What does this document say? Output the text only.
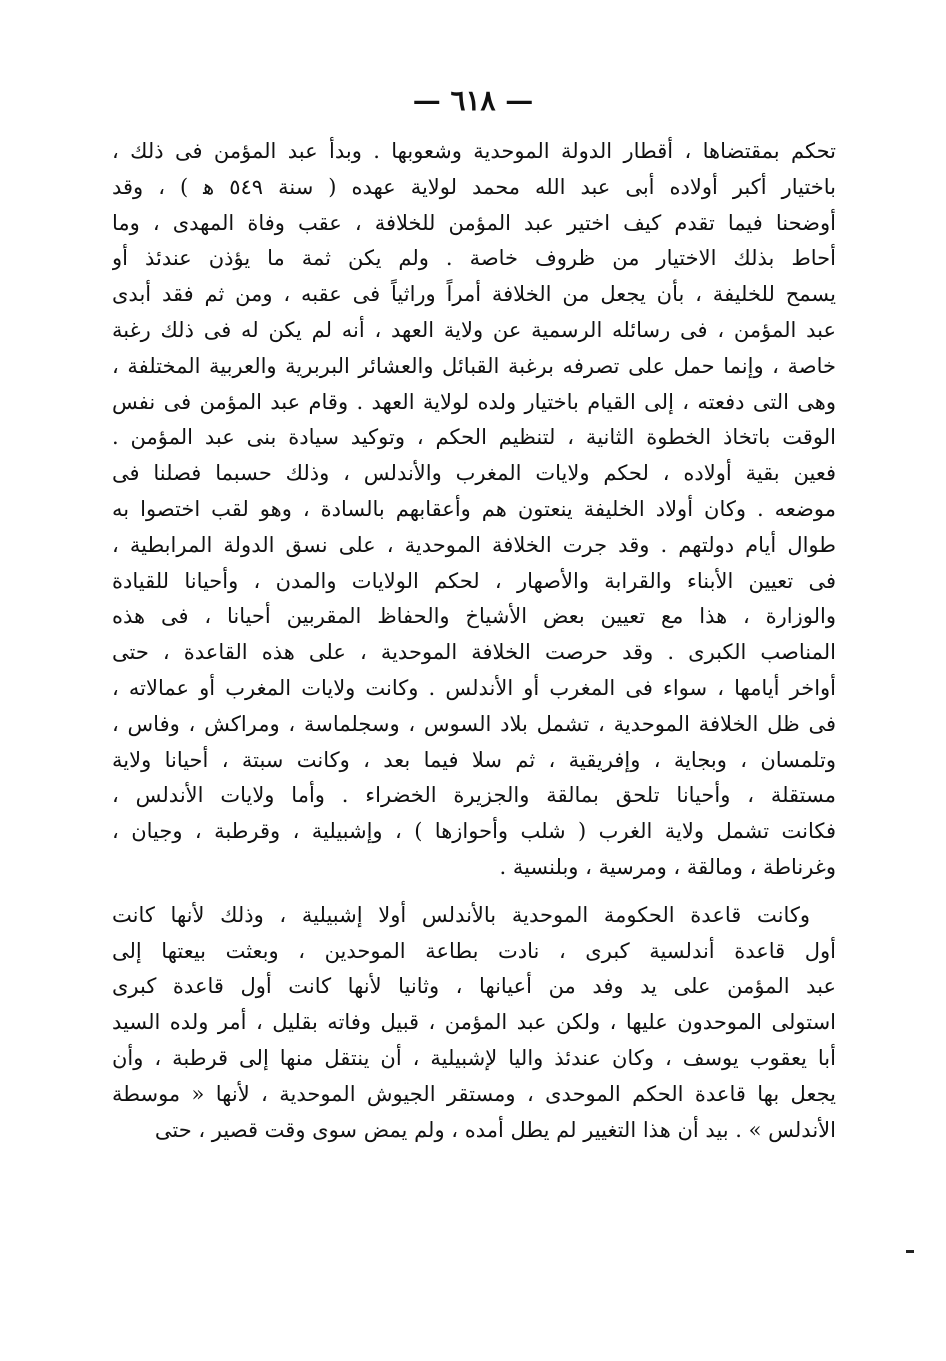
— ٦١٨ —
تحكم بمقتضاها ، أقطار الدولة الموحدية وشعوبها . وبدأ عبد المؤمن فى ذلك ،
باختيار أكبر أولاده أبى عبد الله محمد لولاية عهده ( سنة ٥٤٩ ﻫ ) ، وقد
أوضحنا فيما تقدم كيف اختير عبد المؤمن للخلافة ، عقب وفاة المهدى ، وما
أحاط بذلك الاختيار من ظروف خاصة . ولم يكن ثمة ما يؤذن عندئذ أو
يسمح للخليفة ، بأن يجعل من الخلافة أمراً وراثياً فى عقبه ، ومن ثم فقد أبدى
عبد المؤمن ، فى رسائله الرسمية عن ولاية العهد ، أنه لم يكن له فى ذلك رغبة
خاصة ، وإنما حمل على تصرفه برغبة القبائل والعشائر البربرية والعربية المختلفة ،
وهى التى دفعته ، إلى القيام باختيار ولده لولاية العهد . وقام عبد المؤمن فى نفس
الوقت باتخاذ الخطوة الثانية ، لتنظيم الحكم ، وتوكيد سيادة بنى عبد المؤمن .
فعين بقية أولاده ، لحكم ولايات المغرب والأندلس ، وذلك حسبما فصلنا فى
موضعه . وكان أولاد الخليفة ينعتون هم وأعقابهم بالسادة ، وهو لقب اختصوا به
طوال أيام دولتهم . وقد جرت الخلافة الموحدية ، على نسق الدولة المرابطية ،
فى تعيين الأبناء والقرابة والأصهار ، لحكم الولايات والمدن ، وأحيانا للقيادة
والوزارة ، هذا مع تعيين بعض الأشياخ والحفاظ المقربين أحيانا ، فى هذه
المناصب الكبرى . وقد حرصت الخلافة الموحدية ، على هذه القاعدة ، حتى
أواخر أيامها ، سواء فى المغرب أو الأندلس . وكانت ولايات المغرب أو عمالاته ،
فى ظل الخلافة الموحدية ، تشمل بلاد السوس ، وسجلماسة ، ومراكش ، وفاس ،
وتلمسان ، وبجاية ، وإفريقية ، ثم سلا فيما بعد ، وكانت سبتة ، أحيانا ولاية
مستقلة ، وأحيانا تلحق بمالقة والجزيرة الخضراء . وأما ولايات الأندلس ،
فكانت تشمل ولاية الغرب ( شلب وأحوازها ) ، وإشبيلية ، وقرطبة ، وجيان ،
وغرناطة ، ومالقة ، ومرسية ، وبلنسية .
وكانت قاعدة الحكومة الموحدية بالأندلس أولا إشبيلية ، وذلك لأنها كانت
أول قاعدة أندلسية كبرى ، نادت بطاعة الموحدين ، وبعثت بيعتها إلى
عبد المؤمن على يد وفد من أعيانها ، وثانيا لأنها كانت أول قاعدة كبرى
استولى الموحدون عليها ، ولكن عبد المؤمن ، قبيل وفاته بقليل ، أمر ولده السيد
أبا يعقوب يوسف ، وكان عندئذ واليا لإشبيلية ، أن ينتقل منها إلى قرطبة ، وأن
يجعل بها قاعدة الحكم الموحدى ، ومستقر الجيوش الموحدية ، لأنها « موسطة
الأندلس » . بيد أن هذا التغيير لم يطل أمده ، ولم يمض سوى وقت قصير ، حتى
